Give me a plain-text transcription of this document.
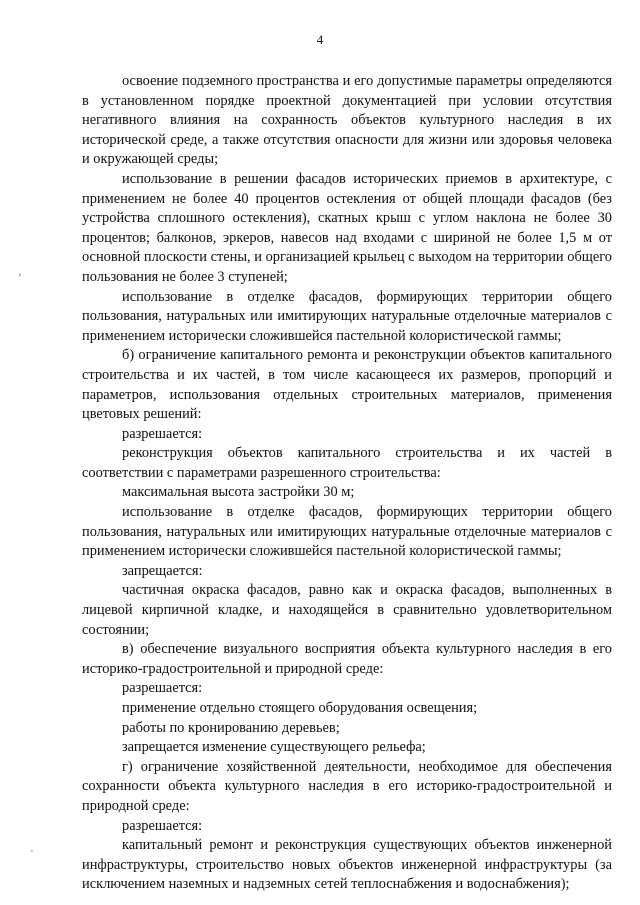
4

освоение подземного пространства и его допустимые параметры определяются в установленном порядке проектной документацией при условии отсутствия негативного влияния на сохранность объектов культурного наследия в их исторической среде, а также отсутствия опасности для жизни или здоровья человека и окружающей среды;

использование в решении фасадов исторических приемов в архитектуре, с применением не более 40 процентов остекления от общей площади фасадов (без устройства сплошного остекления), скатных крыш с углом наклона не более 30 процентов; балконов, эркеров, навесов над входами с шириной не более 1,5 м от основной плоскости стены, и организацией крыльец с выходом на территории общего пользования не более 3 ступеней;

использование в отделке фасадов, формирующих территории общего пользования, натуральных или имитирующих натуральные отделочные материалов с применением исторически сложившейся пастельной колористической гаммы;

б) ограничение капитального ремонта и реконструкции объектов капитального строительства и их частей, в том числе касающееся их размеров, пропорций и параметров, использования отдельных строительных материалов, применения цветовых решений:

разрешается:

реконструкция объектов капитального строительства и их частей в соответствии с параметрами разрешенного строительства:

максимальная высота застройки 30 м;

использование в отделке фасадов, формирующих территории общего пользования, натуральных или имитирующих натуральные отделочные материалов с применением исторически сложившейся пастельной колористической гаммы;

запрещается:

частичная окраска фасадов, равно как и окраска фасадов, выполненных в лицевой кирпичной кладке, и находящейся в сравнительно удовлетворительном состоянии;

в) обеспечение визуального восприятия объекта культурного наследия в его историко-градостроительной и природной среде:

разрешается:

применение отдельно стоящего оборудования освещения;

работы по кронированию деревьев;

запрещается изменение существующего рельефа;

г) ограничение хозяйственной деятельности, необходимое для обеспечения сохранности объекта культурного наследия в его историко-градостроительной и природной среде:

разрешается:

капитальный ремонт и реконструкция существующих объектов инженерной инфраструктуры, строительство новых объектов инженерной инфраструктуры (за исключением наземных и надземных сетей теплоснабжения и водоснабжения);

,
·
